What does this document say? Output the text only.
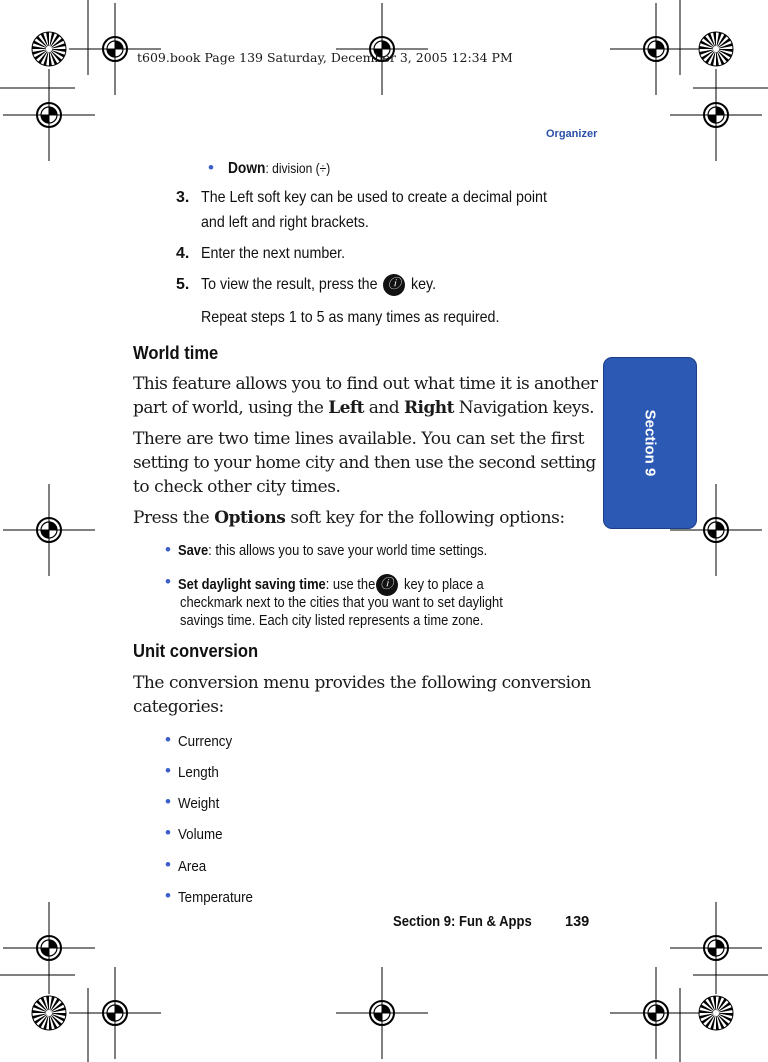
t609.book Page 139 Saturday, December 3, 2005 12:34 PM
Organizer
Section 9
• Down: division (÷)
3. The Left soft key can be used to create a decimal point
and left and right brackets.
4. Enter the next number.
5. To view the result, press the ⓘ key.
Repeat steps 1 to 5 as many times as required.
World time
This feature allows you to find out what time it is another
part of world, using the Left and Right Navigation keys.
There are two time lines available. You can set the first
setting to your home city and then use the second setting
to check other city times.
Press the Options soft key for the following options:
• Save: this allows you to save your world time settings.
• Set daylight saving time: use the ⓘ key to place a
checkmark next to the cities that you want to set daylight
savings time. Each city listed represents a time zone.
Unit conversion
The conversion menu provides the following conversion
categories:
• Currency
• Length
• Weight
• Volume
• Area
• Temperature
Section 9: Fun & Apps 139
